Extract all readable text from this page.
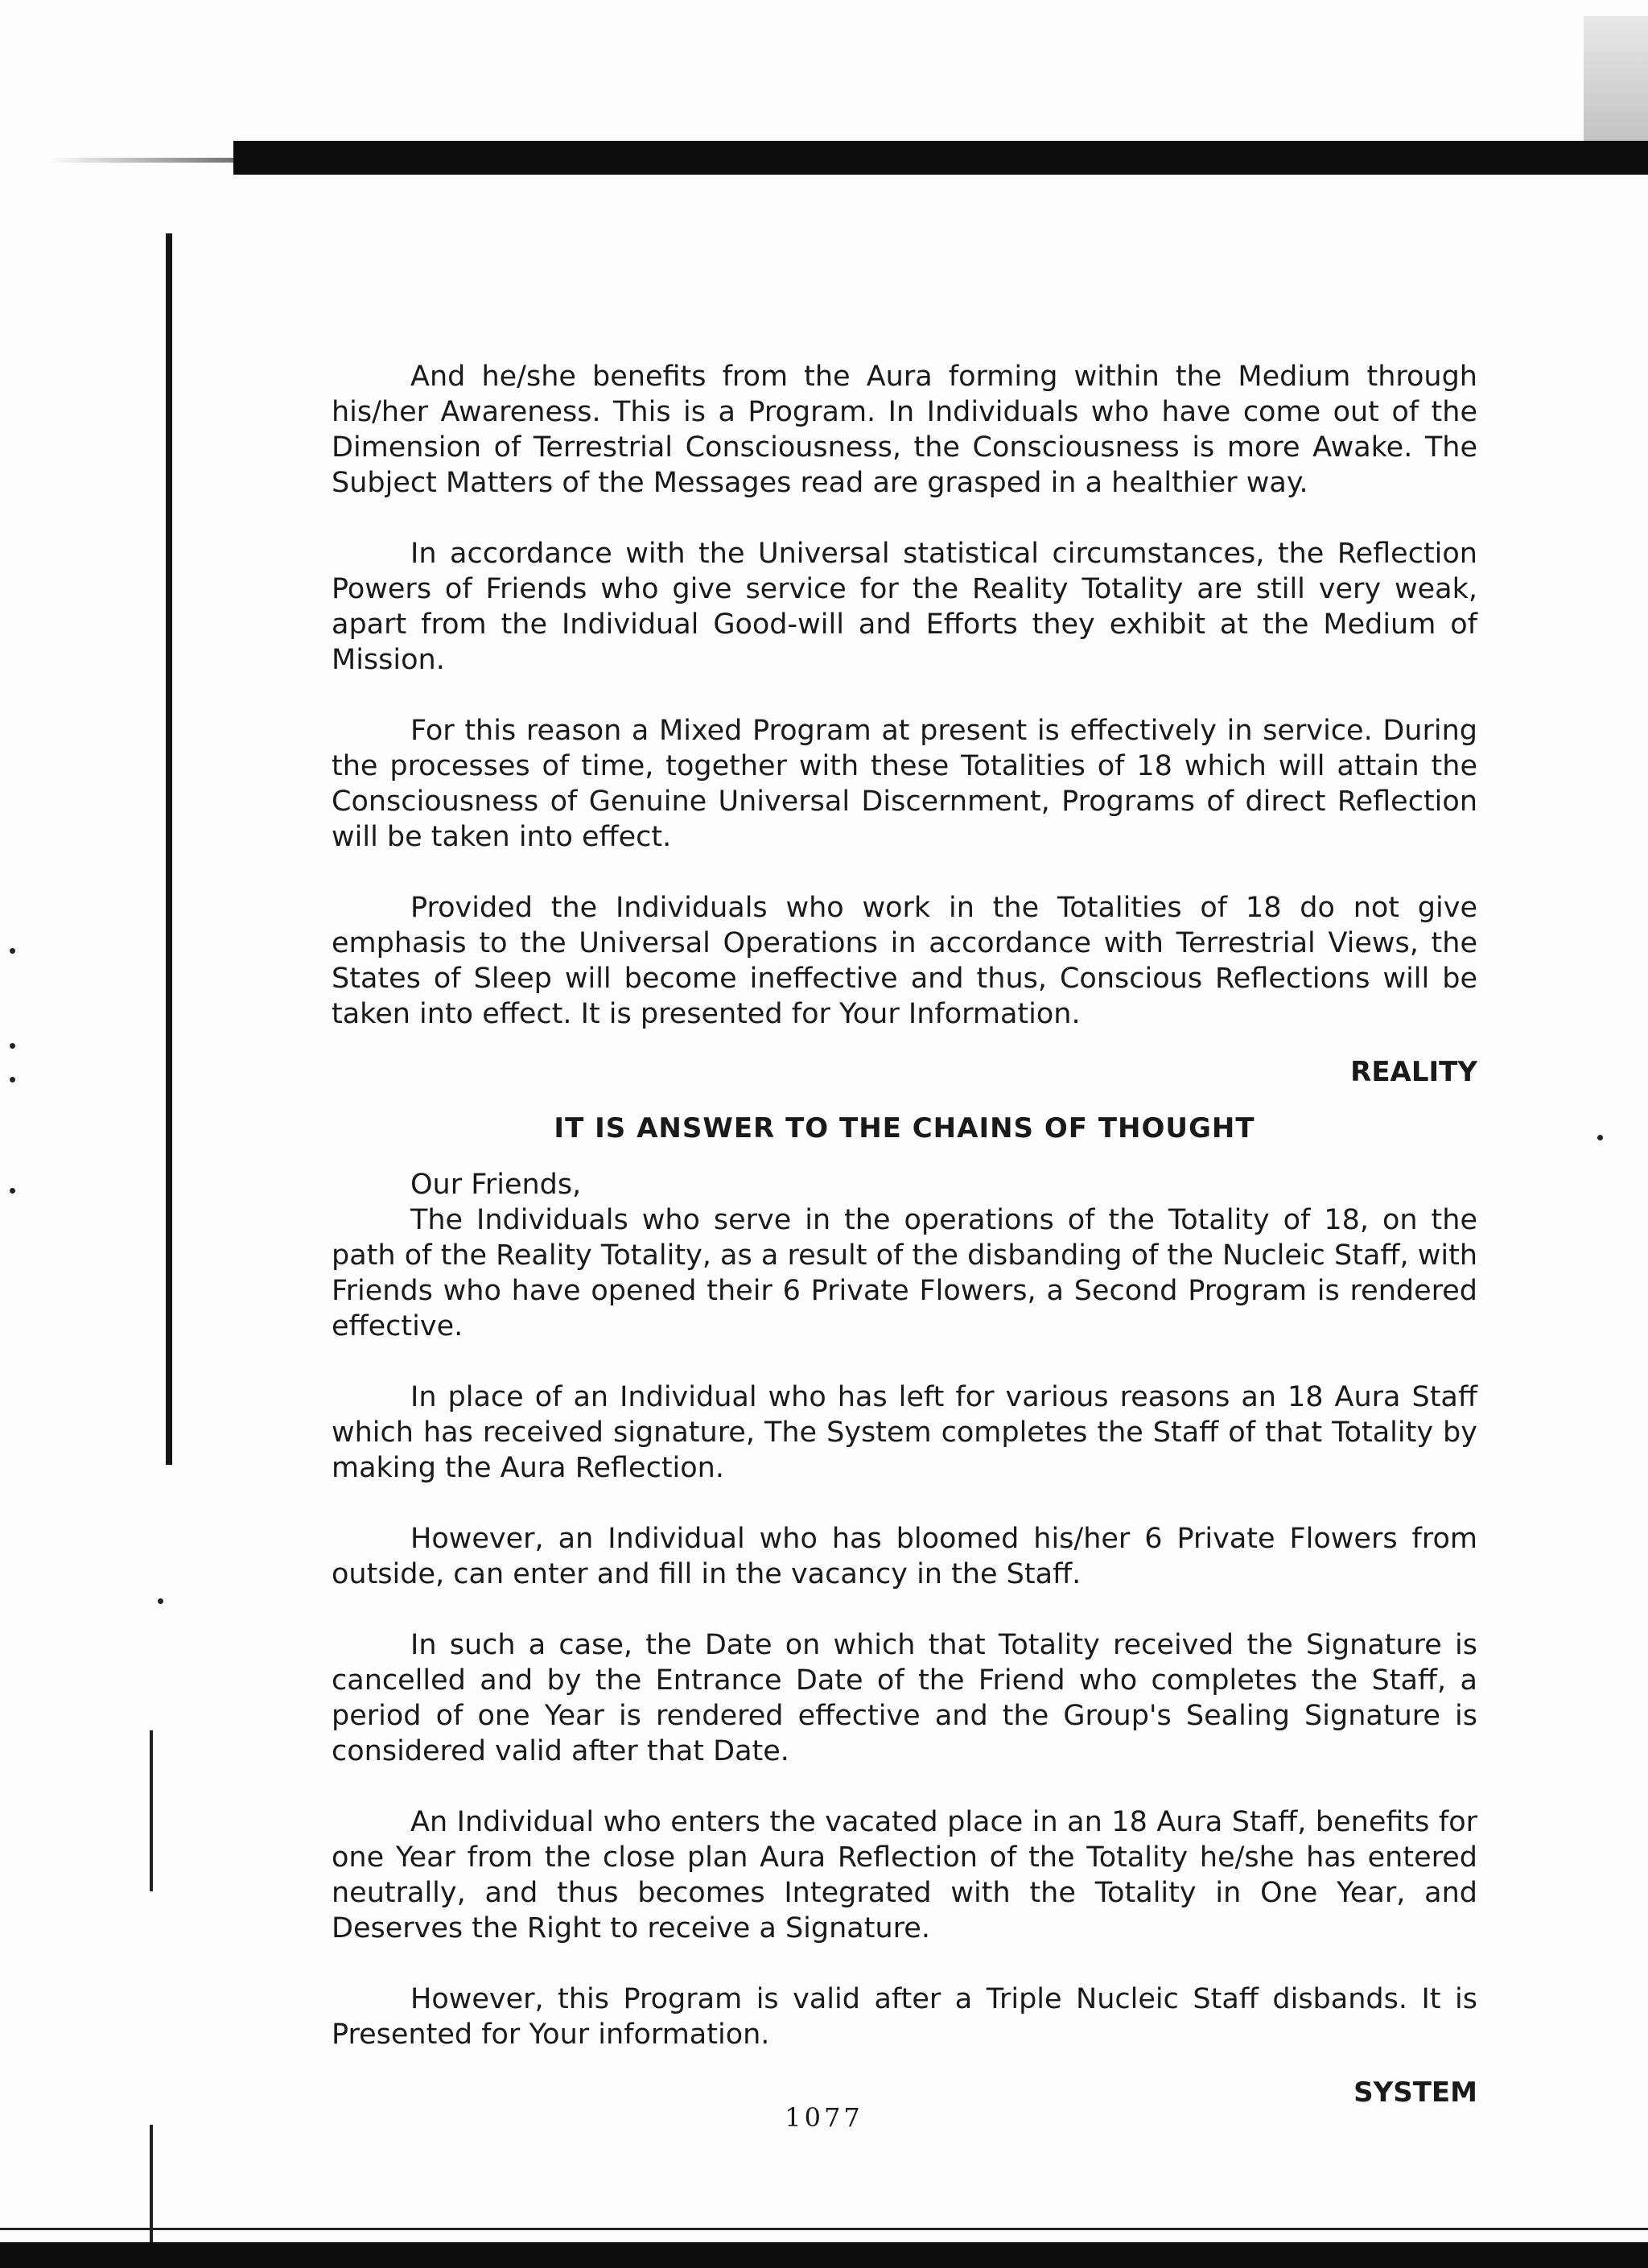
And he/she benefits from the Aura forming within the Medium through his/her Awareness. This is a Program. In Individuals who have come out of the Dimension of Terrestrial Consciousness, the Consciousness is more Awake. The Subject Matters of the Messages read are grasped in a healthier way.

In accordance with the Universal statistical circumstances, the Reflection Powers of Friends who give service for the Reality Totality are still very weak, apart from the Individual Good-will and Efforts they exhibit at the Medium of Mission.

For this reason a Mixed Program at present is effectively in service. During the processes of time, together with these Totalities of 18 which will attain the Consciousness of Genuine Universal Discernment, Programs of direct Reflection will be taken into effect.

Provided the Individuals who work in the Totalities of 18 do not give emphasis to the Universal Operations in accordance with Terrestrial Views, the States of Sleep will become ineffective and thus, Conscious Reflections will be taken into effect. It is presented for Your Information.

REALITY
IT IS ANSWER TO THE CHAINS OF THOUGHT
Our Friends,

The Individuals who serve in the operations of the Totality of 18, on the path of the Reality Totality, as a result of the disbanding of the Nucleic Staff, with Friends who have opened their 6 Private Flowers, a Second Program is rendered effective.

In place of an Individual who has left for various reasons an 18 Aura Staff which has received signature, The System completes the Staff of that Totality by making the Aura Reflection.

However, an Individual who has bloomed his/her 6 Private Flowers from outside, can enter and fill in the vacancy in the Staff.

In such a case, the Date on which that Totality received the Signature is cancelled and by the Entrance Date of the Friend who completes the Staff, a period of one Year is rendered effective and the Group's Sealing Signature is considered valid after that Date.

An Individual who enters the vacated place in an 18 Aura Staff, benefits for one Year from the close plan Aura Reflection of the Totality he/she has entered neutrally, and thus becomes Integrated with the Totality in One Year, and Deserves the Right to receive a Signature.

However, this Program is valid after a Triple Nucleic Staff disbands. It is Presented for Your information.

SYSTEM
1077
